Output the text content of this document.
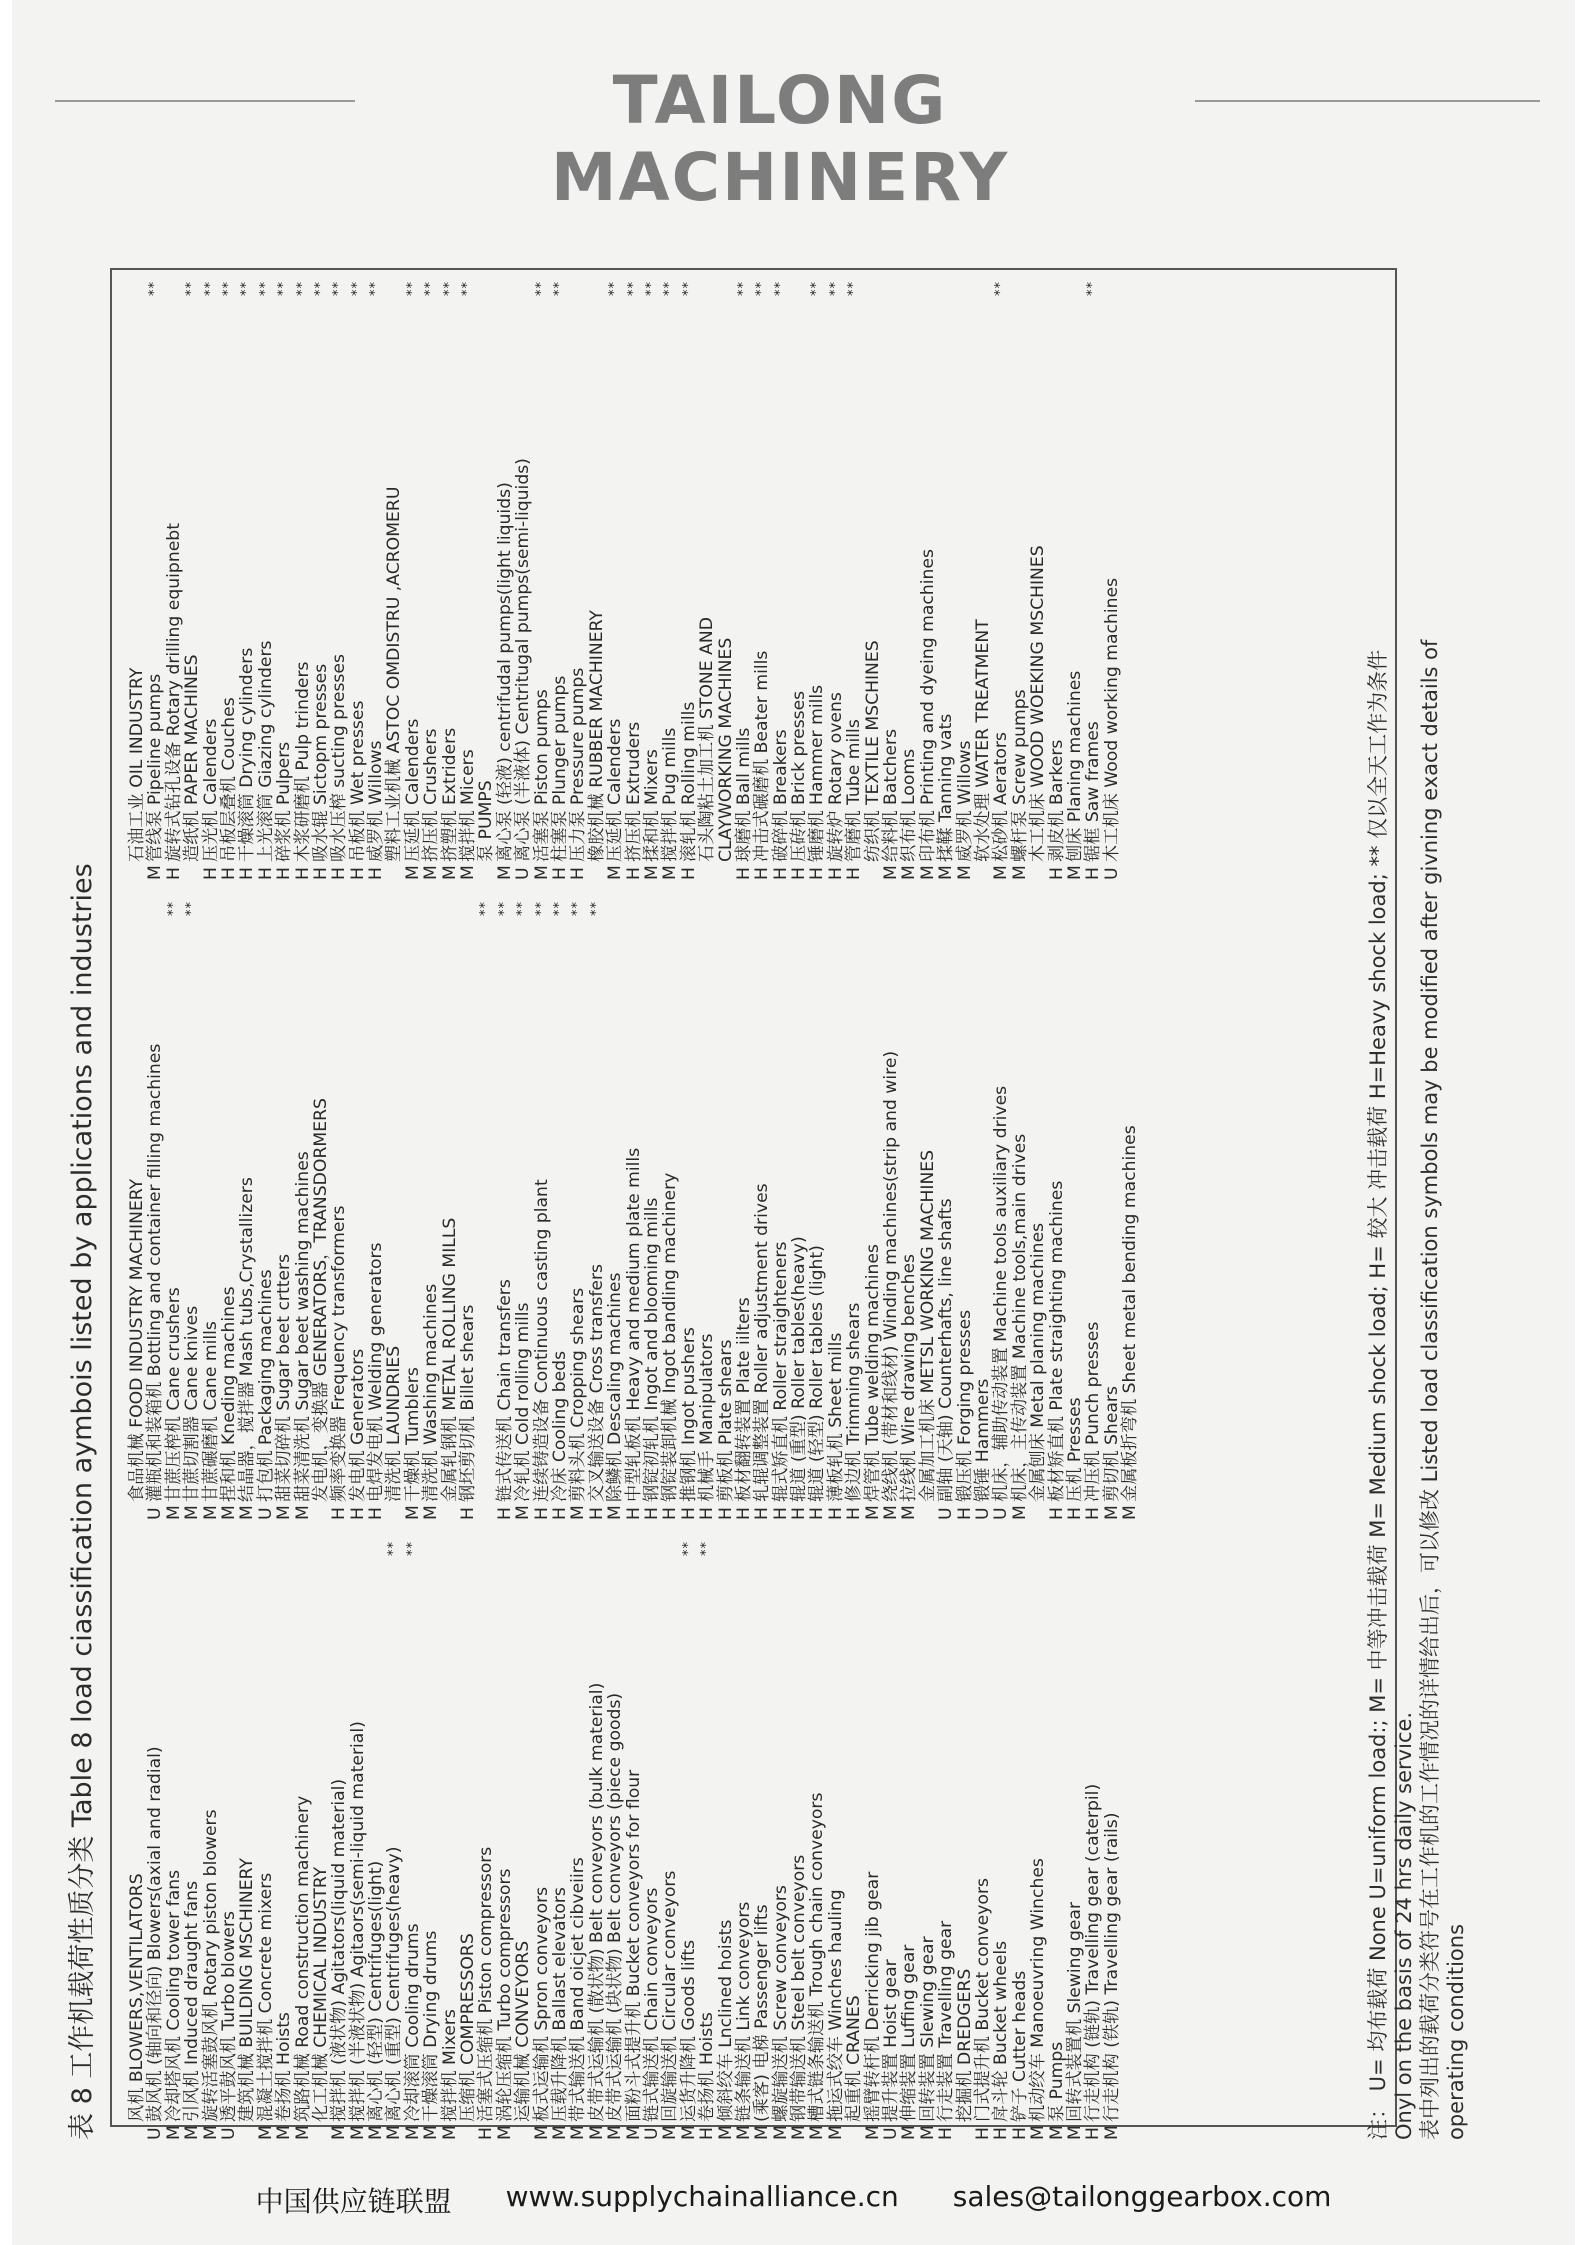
TAILONG MACHINERY
表 8 工作机载荷性质分类 Table 8 load ciassification aymbois listed by applications and industries 风机 BLOWERS,VENTILATORS
U
鼓风机 (轴向和径向) Blowers(axial and radial)
M
冷却塔风机 Cooling tower fans
M
引风机 Induced draught fans
M
旋转活塞鼓风机 Rotary piston blowers
U
透平鼓风机 Turbo blowers
建筑机械 BUILDING MSCHINERY
M
混凝土搅拌机 Concrete mixers
M
卷扬机 Hoists
M
筑路机械 Road construction machinery
化工机械 CHEMICAL INDUSTRY
M
搅拌机 (液状物) Agitators(liquid material)
M
搅拌机 (半液状物) Agitaors(semi-liquid material)
M
离心机 (轻型) Centrifuges(light)
M
离心机 (重型) Centrifuges(heavy)
**
M
冷却滚筒 Cooling drums
**
M
干燥滚筒 Drying drums
M
搅拌机 Mixers
压缩机 COMPRESSORS
H
活塞式压缩机 Piston compressors
M
涡轮压缩机 Turbo compressors
运输机械 CONVEYORS
M
板式运输机 Spron conveyors
M
压载升降机 Ballast elevators
M
带式输送机 Band oicjet cibveiirs
M
皮带式运输机 (散状物) Belt conveyors (bulk material)
M
皮带式运输机 (块状物) Belt conveyors (piece goods)
M
面粉斗式提升机 Bucket conveyors for flour
U
链式输送机 Chain conveyors
M
回旋输送机 Circular conveyors
M
运货升降机 Goods lifts
**
H
卷扬机 Hoists
**
M
倾斜绞车 Lnclined hoists
M
链条输送机 Link conveyors
M
(乘客) 电梯 Passenger lifts
M
螺旋输送机 Screw conveyors
M
钢带输送机 Steel belt conveyors
M
槽式链条输送机 Trough chain conveyors
M
拖运式绞车 Winches hauling
起重机 CRANES
M
摇臂转杆机 Derricking jib gear
U
提升装置 Hoist gear
M
伸缩装置 Luffing gear
M
回转装置 Slewing gear
H
行走装置 Travelling gear
挖掘机 DREDGERS
H
门式提升机 Bucket conveyors
H
戽斗轮 Bucket wheels
H
铲子 Cutter heads
M
机动绞车 Manoeuvring Winches
M
泵 Pumps
M
回转式装置机 Slewing gear
H
行走机构 (链轨) Travelling gear (caterpil)
M
行走机构 (铁轨) Travelling gear (rails)
食品机械 FOOD INDUSTRY MACHINERY
U
灌瓶机和装箱机 Bottling and container filling machines
M
甘蔗压榨机 Cane crushers
**
M
甘蔗切割器 Cane knives
**
M
甘蔗碾磨机 Cane mills
M
捏和机 Kneding machines
M
结晶器，搅拌器 Mash tubs,Crystallizers
U
打包机 Packaging machines
M
甜菜切碎机 Sugar beet crtters
M
甜菜清洗机 Sugar beet washing machines
发电机，变换器 GENERATORS，TRANSDORMERS
H
频率变换器 Frequency transformers
H
发电机 Generators
H
电焊发电机 Welding generators
清洗机 LAUNDRIES
M
干燥机 Tumblers
M
清洗机 Washing machines
金属轧钢机 METAL ROLLING MILLS
H
钢坯剪切机 Billet shears
**
H
链式传送机 Chain transfers
**
M
冷轧机 Cold rolling mills
**
H
连续铸造设备 Continuous casting plant
**
H
冷床 Cooling beds
**
M
剪料头机 Cropping shears
**
H
交叉输送设备 Cross transfers
**
M
除鳞机 Descaling machines
H
中型轧板机 Heavy and medium plate mills
H
钢锭初轧机 Ingot and blooming mills
H
钢锭装卸机械 Ingot bandling machinery
H
推钢机 Ingot pushers
H
机械手 Manipulators
H
剪板机 Plate shears
H
板材翻转装置 Plate iilters
H
轧辊调整装置 Roller adjustment drives
H
辊式矫直机 Roller straighteners
H
辊道 (重型) Roller tables(heavy)
H
辊道 (轻型) Roller tables (light)
H
薄板轧机 Sheet mills
H
修边机 Trimming shears
M
焊管机 Tube welding machines
M
绕线机 (带材和线材) Winding machines(strip and wire)
M
拉线机 Wire drawing benches
金属加工机床 METSL WORKING MACHINES
U
副轴 (天轴) Counterhafts, line shafts
H
锻压机 Forging presses
U
锻锤 Hammers
U
机床，辅助传动装置 Machine tools auxiliary drives
M
机床，主传动装置 Machine tools,main drives
金属刨床 Metal planing machines
H
板材矫直机 Plate straighting machines
H
压机 Presses
H
冲压机 Punch presses
M
剪切机 Shears
M
金属板折弯机 Sheet metal bending machines
石油工业 OIL INDUSTRY
M
管线泵 Pipeline pumps
**
H
旋转式钻孔设备 Rotary drilling equipnebt
造纸机 PAPER MACHINES
**
H
压光机 Calenders
**
H
吊板层叠机 Couches
**
H
干燥滚筒 Drying cylinders
**
H
上光滚筒 Giazing cylinders
**
H
碎浆机 Pulpers
**
H
木浆研磨机 Pulp trinders
**
H
吸水辊 Sictopm presses
**
H
吸水压榨 sucting presses
**
H
吊板机 Wet presses
**
H
威罗机 Willows
**
塑料工业机械 ASTOC OMDISTRU ,ACROMERU
M
压延机 Calenders
**
M
挤压机 Crushers
**
M
挤塑机 Extriders
**
M
搅拌机 Micers
**
泵 PUMPS
M
离心泵 (轻液) centrifudal pumps(light liquids)
U
离心泵 (半液体) Centritugal pumps(semi-liquids)
M
活塞泵 Piston pumps
**
H
柱塞泵 Plunger pumps
**
H
压力泵 Pressure pumps
橡胶机械 RUBBER MACHINERY
M
压延机 Calenders
**
H
挤压机 Extruders
**
M
揉和机 Mixers
**
M
搅拌机 Pug mills
**
H
滚轧机 Rolling mills
**
石头陶粘土加工机 STONE AND
CLAYWORKING MACHINES
H
球磨机 Ball mills
**
H
冲击式碾磨机 Beater mills
**
H
破碎机 Breakers
**
H
压砖机 Brick presses
H
锤磨机 Hammer mills
**
H
旋转炉 Rotary ovens
**
H
管磨机 Tube mills
**
纺织机 TEXTILE MSCHINES
M
给料机 Batchers
M
织布机 Looms
M
印布机 Printing and dyeing machines
M
揉鞣 Tanning vats
M
威罗机 Willows
软水处理 WATER TREATMENT
M
松砂机 Aerators
**
M
螺杆泵 Screw pumps
木工机床 WOOD WOEKING MSCHINES
H
剥皮机 Barkers
M
刨床 Planing machines
H
锯框 Saw frames
**
U
木工机床 Wood working machines	注： U= 均布载荷 None U=uniform load:; M= 中等冲击载荷 M= Medium shock load; H= 较大 冲击载荷 H=Heavy shock load; ** 仅以全天工作为条件 Onyl on the basis of 24 hrs daily service. 表中列出的载荷分类符号在工作机的工作情况的详情给出后，可以修改 Listed load classification symbols may be modified after givning exact details of operating conditions
中国供应链联盟 www.supplychainalliance.cn sales@tailonggearbox.com
